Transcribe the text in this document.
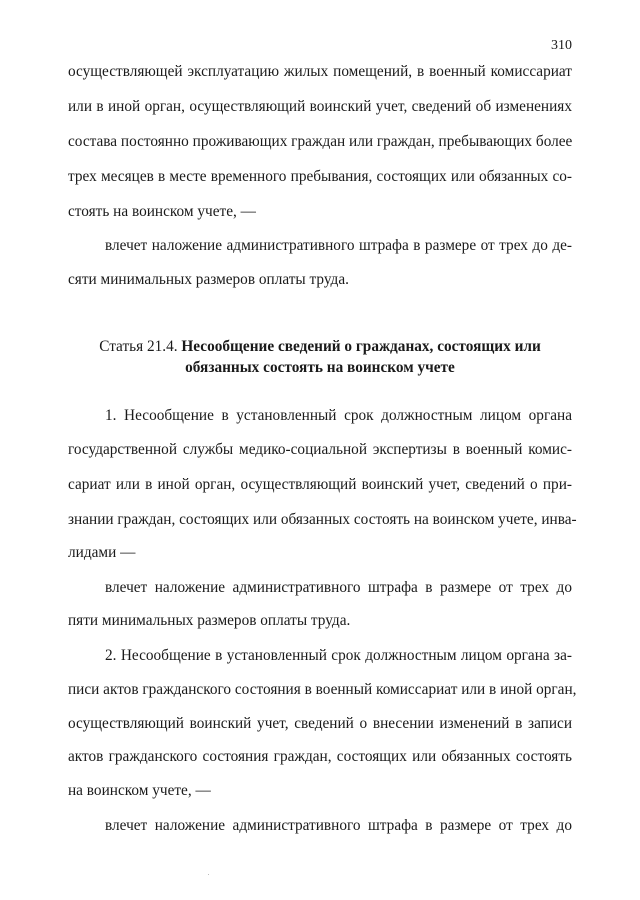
310
осуществляющей эксплуатацию жилых помещений, в военный комиссариат
или в иной орган, осуществляющий воинский учет, сведений об изменениях
состава постоянно проживающих граждан или граждан, пребывающих более
трех месяцев в месте временного пребывания, состоящих или обязанных со-
стоять на воинском учете, —
влечет наложение административного штрафа в размере от трех до де-
сяти минимальных размеров оплаты труда.
Статья 21.4. Несообщение сведений о гражданах, состоящих или
обязанных состоять на воинском учете
1. Несообщение в установленный срок должностным лицом органа
государственной службы медико-социальной экспертизы в военный комис-
сариат или в иной орган, осуществляющий воинский учет, сведений о при-
знании граждан, состоящих или обязанных состоять на воинском учете, инва-
лидами —
влечет наложение административного штрафа в размере от трех до
пяти минимальных размеров оплаты труда.
2. Несообщение в установленный срок должностным лицом органа за-
писи актов гражданского состояния в военный комиссариат или в иной орган,
осуществляющий воинский учет, сведений о внесении изменений в записи
актов гражданского состояния граждан, состоящих или обязанных состоять
на воинском учете, —
влечет наложение административного штрафа в размере от трех до
